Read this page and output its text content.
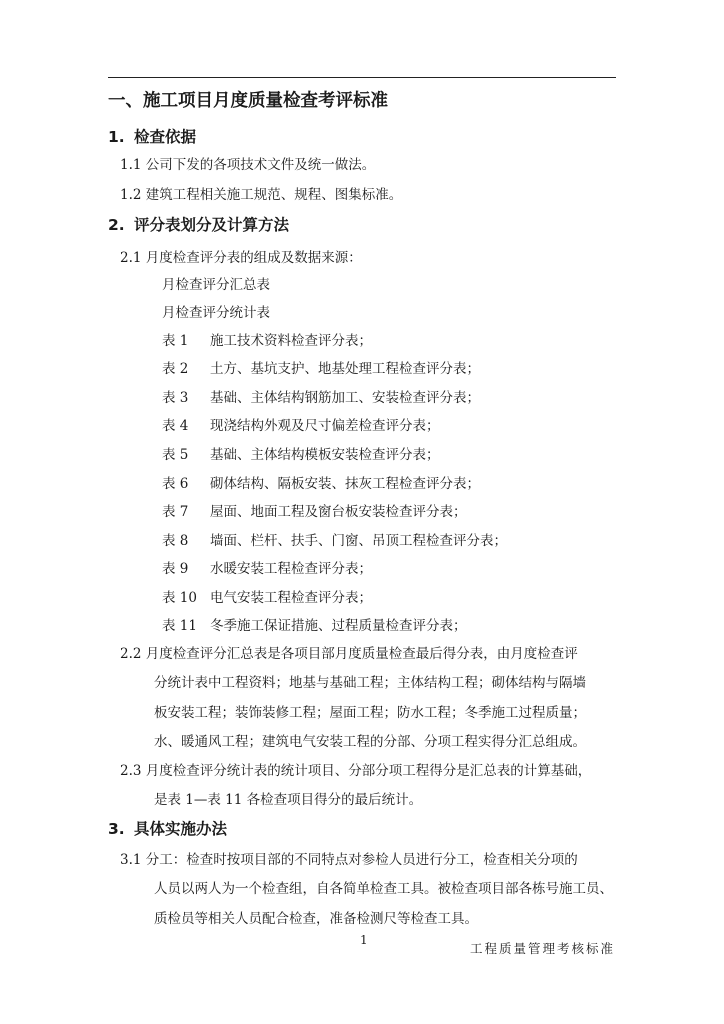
一、施工项目月度质量检查考评标准
1. 检查依据
1.1 公司下发的各项技术文件及统一做法。
1.2 建筑工程相关施工规范、规程、图集标准。
2. 评分表划分及计算方法
2.1 月度检查评分表的组成及数据来源：
月检查评分汇总表
月检查评分统计表
表 1 施工技术资料检查评分表；
表 2 土方、基坑支护、地基处理工程检查评分表；
表 3 基础、主体结构钢筋加工、安装检查评分表；
表 4 现浇结构外观及尺寸偏差检查评分表；
表 5 基础、主体结构模板安装检查评分表；
表 6 砌体结构、隔板安装、抹灰工程检查评分表；
表 7 屋面、地面工程及窗台板安装检查评分表；
表 8 墙面、栏杆、扶手、门窗、吊顶工程检查评分表；
表 9 水暖安装工程检查评分表；
表 10 电气安装工程检查评分表；
表 11 冬季施工保证措施、过程质量检查评分表；
2.2 月度检查评分汇总表是各项目部月度质量检查最后得分表，由月度检查评
分统计表中工程资料；地基与基础工程；主体结构工程；砌体结构与隔墙
板安装工程；装饰装修工程；屋面工程；防水工程；冬季施工过程质量；
水、暖通风工程；建筑电气安装工程的分部、分项工程实得分汇总组成。
2.3 月度检查评分统计表的统计项目、分部分项工程得分是汇总表的计算基础，
是表 1—表 11 各检查项目得分的最后统计。
3. 具体实施办法
3.1 分工：检查时按项目部的不同特点对参检人员进行分工，检查相关分项的
人员以两人为一个检查组，自各简单检查工具。被检查项目部各栋号施工员、
质检员等相关人员配合检查，准备检测尺等检查工具。
1
工程质量管理考核标准
